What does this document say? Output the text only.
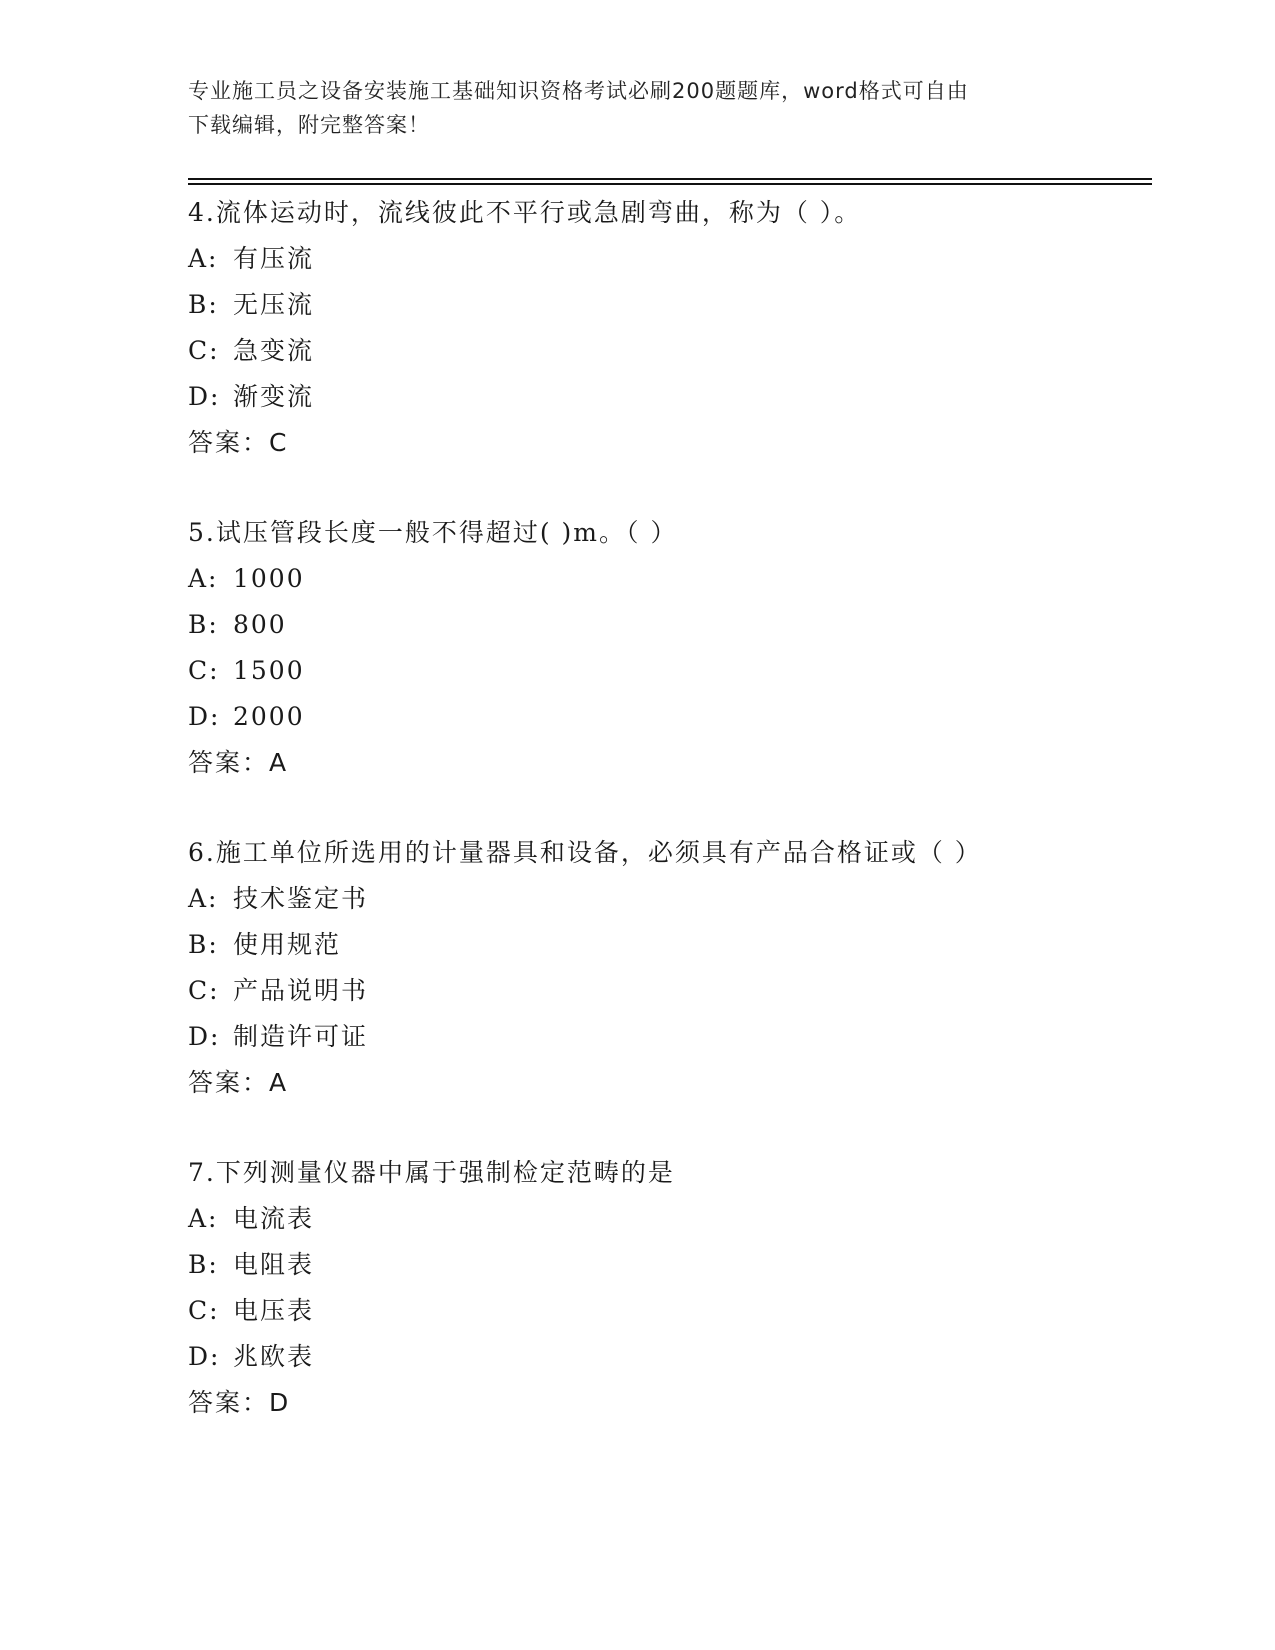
专业施工员之设备安装施工基础知识资格考试必刷200题题库，word格式可自由
下载编辑，附完整答案！
4.流体运动时，流线彼此不平行或急剧弯曲，称为（ ）。
A: 有压流
B: 无压流
C: 急变流
D: 渐变流
答案：C
5.试压管段长度一般不得超过( )m。（ ）
A: 1000
B: 800
C: 1500
D: 2000
答案：A
6.施工单位所选用的计量器具和设备，必须具有产品合格证或（ ）
A: 技术鉴定书
B: 使用规范
C: 产品说明书
D: 制造许可证
答案：A
7.下列测量仪器中属于强制检定范畴的是
A: 电流表
B: 电阻表
C: 电压表
D: 兆欧表
答案：D
